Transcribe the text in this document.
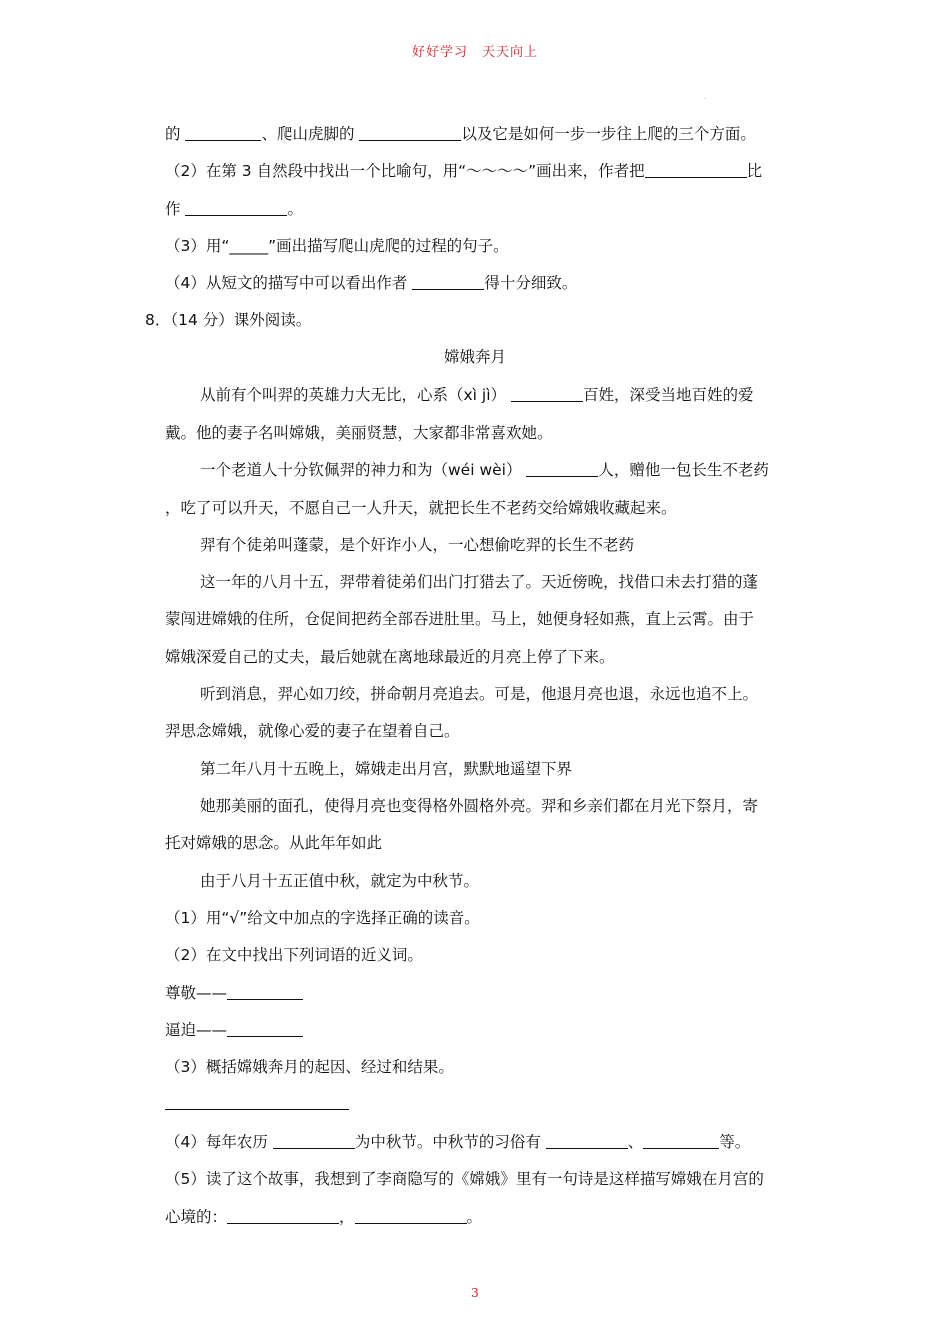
好好学习　天天向上
.
的	、爬山虎脚的	以及它是如何一步一步往上爬的三个方面。
（2）在第 3 自然段中找出一个比喻句，用“～～～～”画出来，作者把	比
作	。
（3）用“_____”画出描写爬山虎爬的过程的句子。
（4）从短文的描写中可以看出作者	得十分细致。
8．（14 分）课外阅读。
嫦娥奔月
从前有个叫羿的英雄力大无比，心系（xì jì）	百姓，深受当地百姓的爱
戴。他的妻子名叫嫦娥，美丽贤慧，大家都非常喜欢她。
一个老道人十分钦佩羿的神力和为（wéi wèi）	人，赠他一包长生不老药
，吃了可以升天，不愿自己一人升天，就把长生不老药交给嫦娥收藏起来。
羿有个徒弟叫蓬蒙，是个奸诈小人，一心想偷吃羿的长生不老药
这一年的八月十五，羿带着徒弟们出门打猎去了。天近傍晚，找借口未去打猎的蓬
蒙闯进嫦娥的住所，仓促间把药全部吞进肚里。马上，她便身轻如燕，直上云霄。由于
嫦娥深爱自己的丈夫，最后她就在离地球最近的月亮上停了下来。
听到消息，羿心如刀绞，拼命朝月亮追去。可是，他退月亮也退，永远也追不上。
羿思念嫦娥，就像心爱的妻子在望着自己。
第二年八月十五晚上，嫦娥走出月宫，默默地遥望下界
她那美丽的面孔，使得月亮也变得格外圆格外亮。羿和乡亲们都在月光下祭月，寄
托对嫦娥的思念。从此年年如此
由于八月十五正值中秋，就定为中秋节。
（1）用“√”给文中加点的字选择正确的读音。
（2）在文中找出下列词语的近义词。
尊敬——
逼迫——
（3）概括嫦娥奔月的起因、经过和结果。
（4）每年农历	为中秋节。中秋节的习俗有	、	等。
（5）读了这个故事，我想到了李商隐写的《嫦娥》里有一句诗是这样描写嫦娥在月宫的
心境的：	，	。
3
